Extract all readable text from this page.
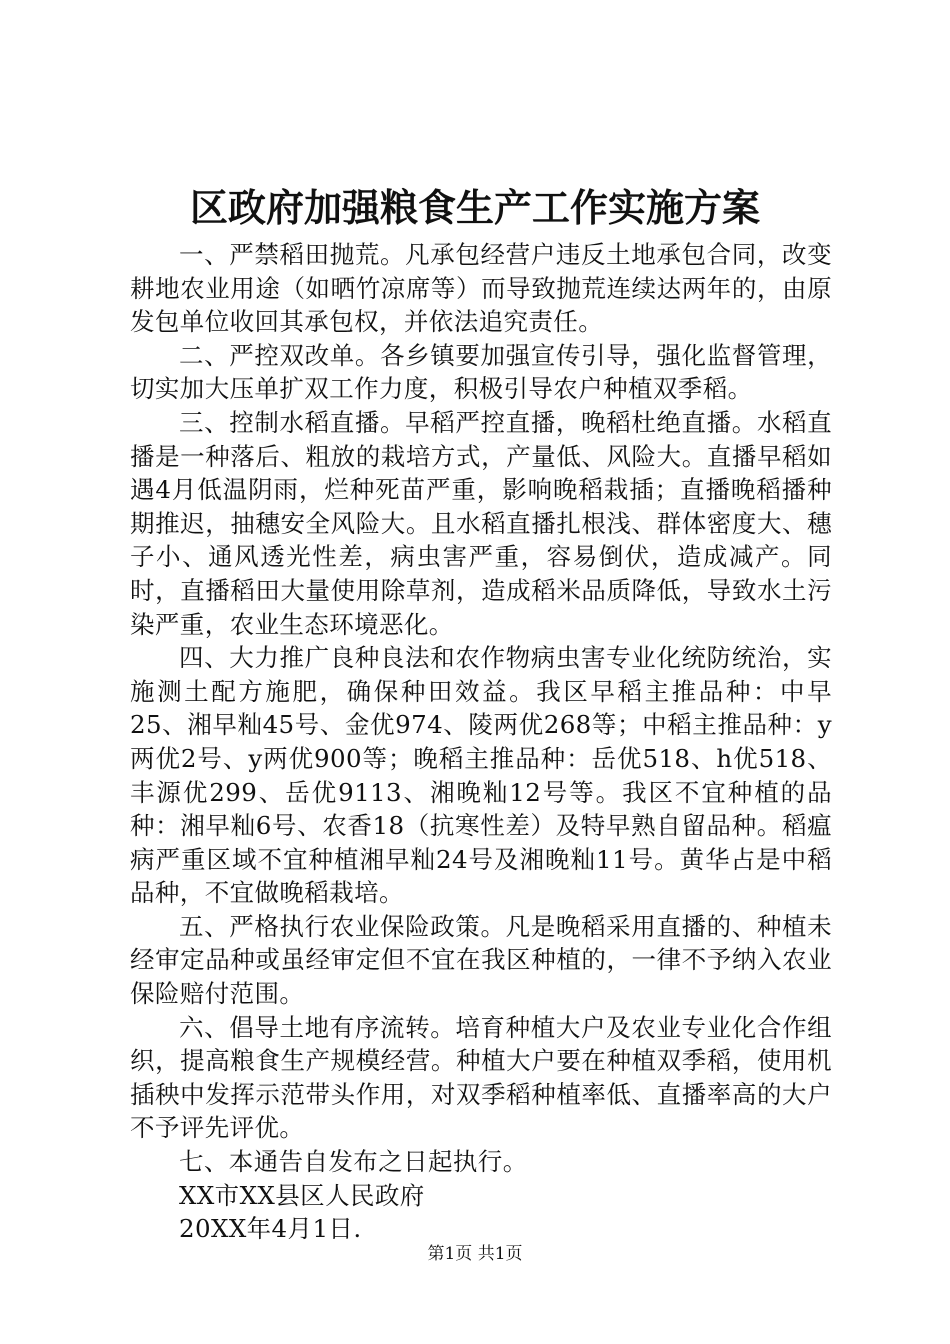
区政府加强粮食生产工作实施方案

一、严禁稻田抛荒。凡承包经营户违反土地承包合同，改变耕地农业用途（如晒竹凉席等）而导致抛荒连续达两年的，由原发包单位收回其承包权，并依法追究责任。

二、严控双改单。各乡镇要加强宣传引导，强化监督管理，切实加大压单扩双工作力度，积极引导农户种植双季稻。

三、控制水稻直播。早稻严控直播，晚稻杜绝直播。水稻直播是一种落后、粗放的栽培方式，产量低、风险大。直播早稻如遇4月低温阴雨，烂种死苗严重，影响晚稻栽插；直播晚稻播种期推迟，抽穗安全风险大。且水稻直播扎根浅、群体密度大、穗子小、通风透光性差，病虫害严重，容易倒伏，造成减产。同时，直播稻田大量使用除草剂，造成稻米品质降低，导致水土污染严重，农业生态环境恶化。

四、大力推广良种良法和农作物病虫害专业化统防统治，实施测土配方施肥，确保种田效益。我区早稻主推品种：中早25、湘早籼45号、金优974、陵两优268等；中稻主推品种：y两优2号、y两优900等；晚稻主推品种：岳优518、h优518、丰源优299、岳优9113、湘晚籼12号等。我区不宜种植的品种：湘早籼6号、农香18（抗寒性差）及特早熟自留品种。稻瘟病严重区域不宜种植湘早籼24号及湘晚籼11号。黄华占是中稻品种，不宜做晚稻栽培。

五、严格执行农业保险政策。凡是晚稻采用直播的、种植未经审定品种或虽经审定但不宜在我区种植的，一律不予纳入农业保险赔付范围。

六、倡导土地有序流转。培育种植大户及农业专业化合作组织，提高粮食生产规模经营。种植大户要在种植双季稻，使用机插秧中发挥示范带头作用，对双季稻种植率低、直播率高的大户不予评先评优。

七、本通告自发布之日起执行。

XX市XX县区人民政府

20XX年4月1日.

第1页 共1页
